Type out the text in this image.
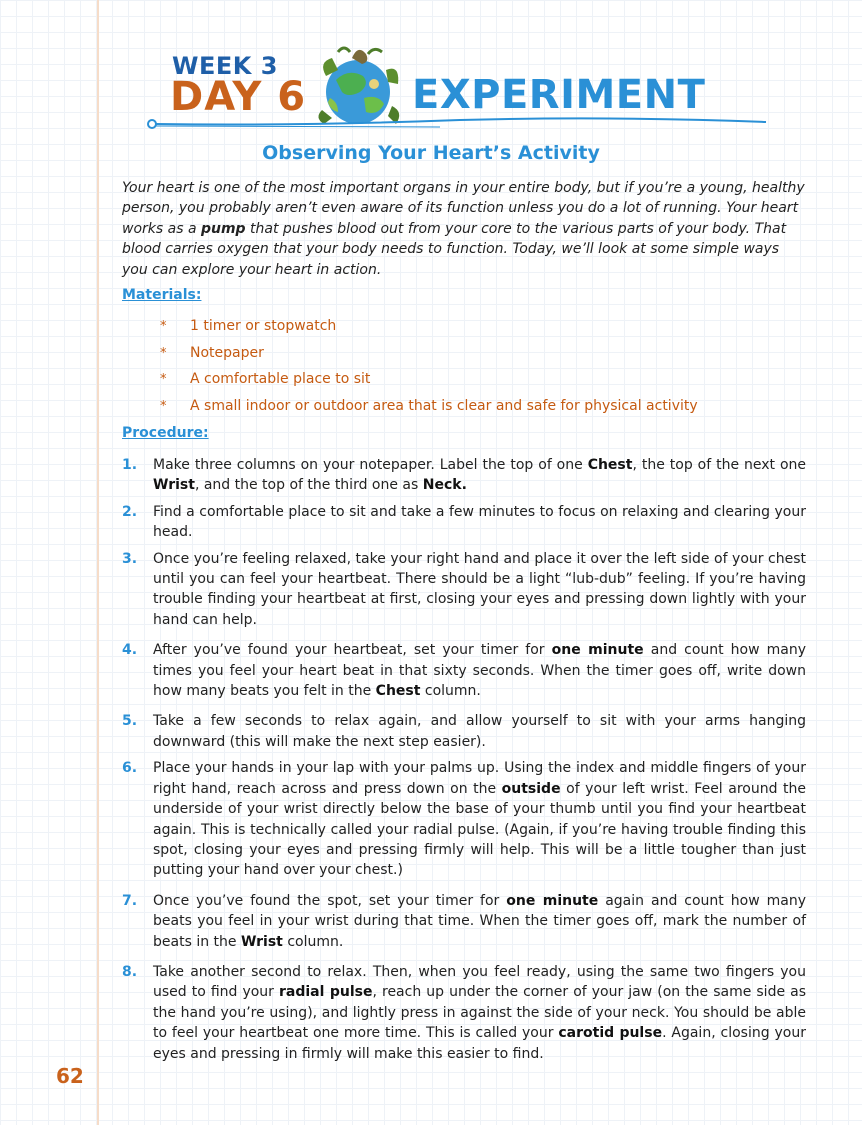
WEEK 3
DAY 6	EXPERIMENT
Observing Your Heart’s Activity
Your heart is one of the most important organs in your entire body, but if you’re a young, healthy person, you probably aren’t even aware of its function unless you do a lot of running. Your heart works as a pump that pushes blood out from your core to the various parts of your body. That blood carries oxygen that your body needs to function. Today, we’ll look at some simple ways you can explore your heart in action.
Materials:
* 1 timer or stopwatch
* Notepaper
* A comfortable place to sit
* A small indoor or outdoor area that is clear and safe for physical activity
Procedure:
1. Make three columns on your notepaper. Label the top of one Chest, the top of the next one Wrist, and the top of the third one as Neck.
2. Find a comfortable place to sit and take a few minutes to focus on relaxing and clearing your head.
3. Once you’re feeling relaxed, take your right hand and place it over the left side of your chest until you can feel your heartbeat. There should be a light “lub-dub” feeling. If you’re having trouble finding your heartbeat at first, closing your eyes and pressing down lightly with your hand can help.
4. After you’ve found your heartbeat, set your timer for one minute and count how many times you feel your heart beat in that sixty seconds. When the timer goes off, write down how many beats you felt in the Chest column.
5. Take a few seconds to relax again, and allow yourself to sit with your arms hanging downward (this will make the next step easier).
6. Place your hands in your lap with your palms up. Using the index and middle fingers of your right hand, reach across and press down on the outside of your left wrist. Feel around the underside of your wrist directly below the base of your thumb until you find your heartbeat again. This is technically called your radial pulse. (Again, if you’re having trouble finding this spot, closing your eyes and pressing firmly will help. This will be a little tougher than just putting your hand over your chest.)
7. Once you’ve found the spot, set your timer for one minute again and count how many beats you feel in your wrist during that time. When the timer goes off, mark the number of beats in the Wrist column.
8. Take another second to relax. Then, when you feel ready, using the same two fingers you used to find your radial pulse, reach up under the corner of your jaw (on the same side as the hand you’re using), and lightly press in against the side of your neck. You should be able to feel your heartbeat one more time. This is called your carotid pulse. Again, closing your eyes and pressing in firmly will make this easier to find.
62
